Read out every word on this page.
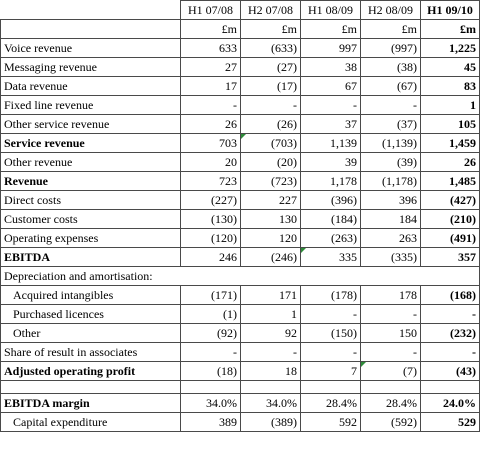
	H1 07/08	H2 07/08	H1 08/09	H2 08/09	H1 09/10
	£m	£m	£m	£m	£m
Voice revenue	633	(633)	997	(997)	1,225
Messaging revenue	27	(27)	38	(38)	45
Data revenue	17	(17)	67	(67)	83
Fixed line revenue	-	-	-	-	1
Other service revenue	26	(26)	37	(37)	105
Service revenue	703	(703)	1,139	(1,139)	1,459
Other revenue	20	(20)	39	(39)	26
Revenue	723	(723)	1,178	(1,178)	1,485
Direct costs	(227)	227	(396)	396	(427)
Customer costs	(130)	130	(184)	184	(210)
Operating expenses	(120)	120	(263)	263	(491)
EBITDA	246	(246)	335	(335)	357
Depreciation and amortisation:					
Acquired intangibles	(171)	171	(178)	178	(168)
Purchased licences	(1)	1	-	-	-
Other	(92)	92	(150)	150	(232)
Share of result in associates	-	-	-	-	-
Adjusted operating profit	(18)	18	7	(7)	(43)

EBITDA margin	34.0%	34.0%	28.4%	28.4%	24.0%
Capital expenditure	389	(389)	592	(592)	529
